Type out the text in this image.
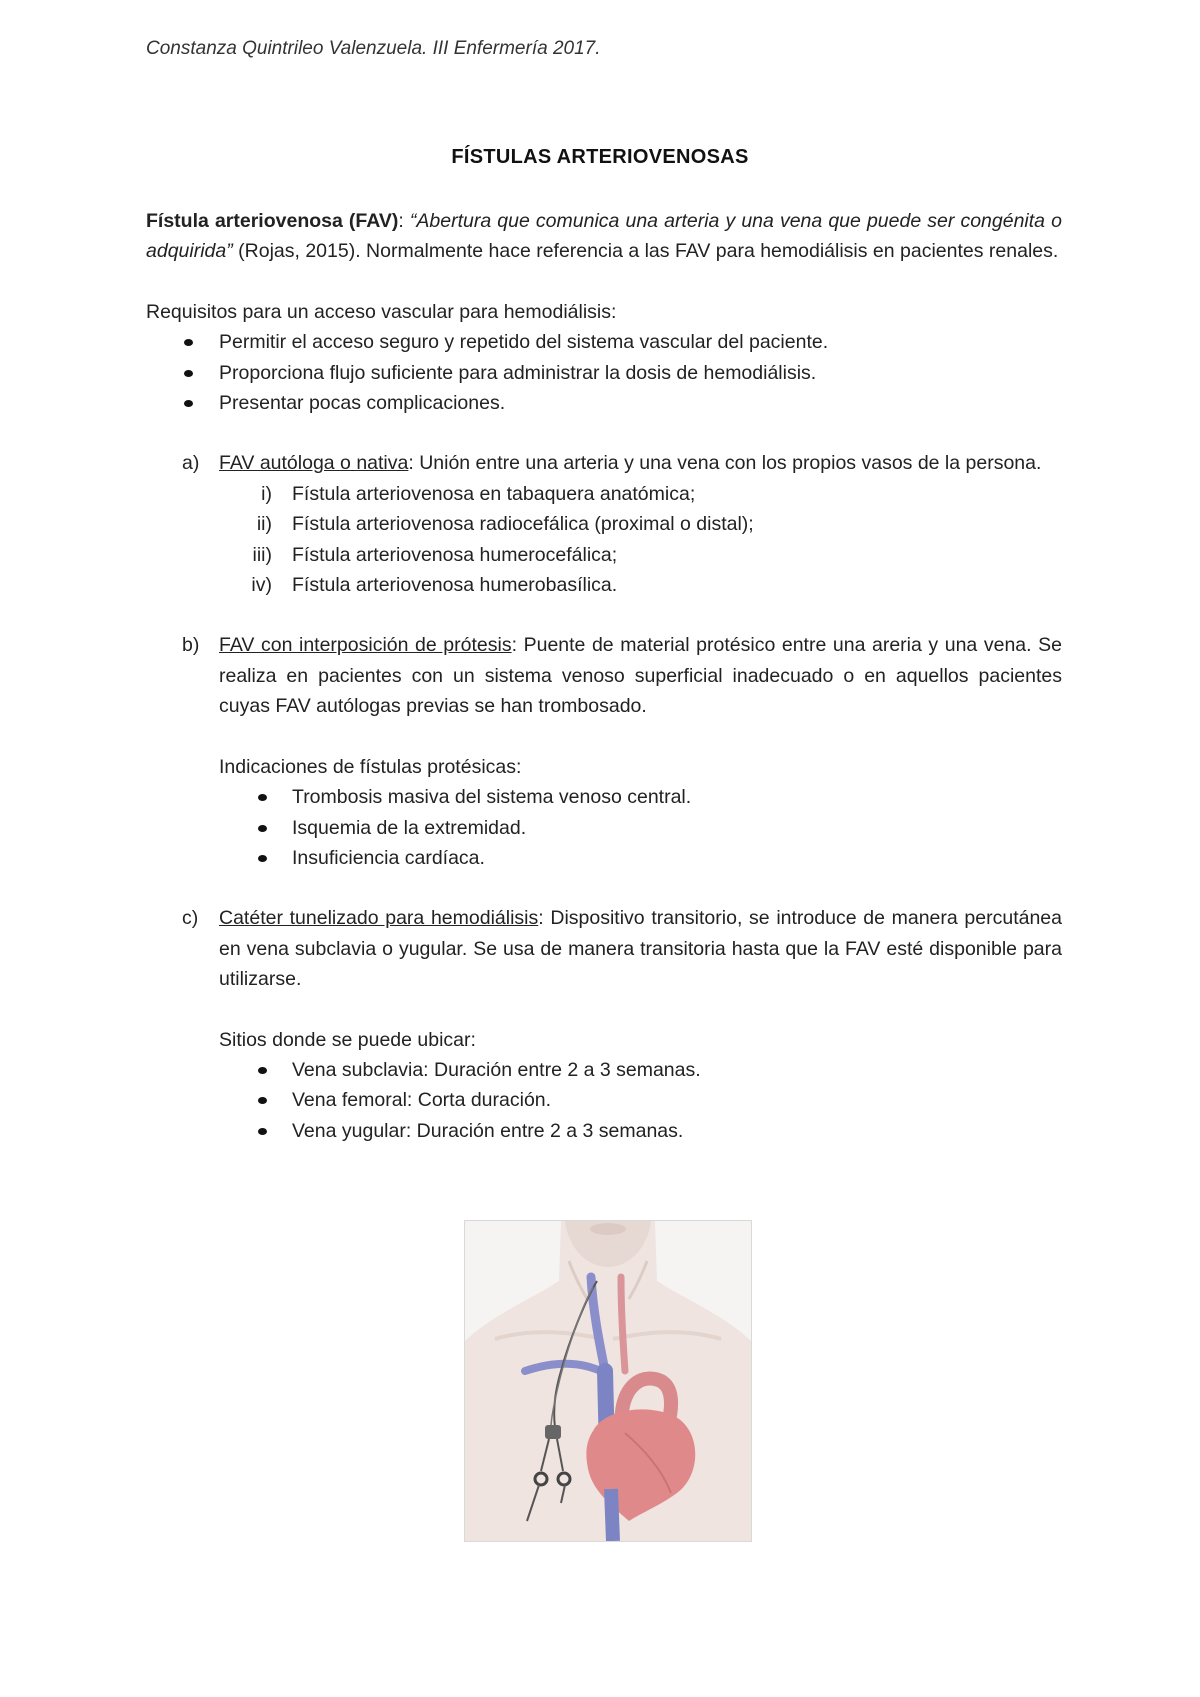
Constanza Quintrileo Valenzuela. III Enfermería 2017.
FÍSTULAS ARTERIOVENOSAS

Fístula arteriovenosa (FAV): “Abertura que comunica una arteria y una vena que puede ser congénita o adquirida” (Rojas, 2015). Normalmente hace referencia a las FAV para hemodiálisis en pacientes renales.

Requisitos para un acceso vascular para hemodiálisis:

Permitir el acceso seguro y repetido del sistema vascular del paciente.
Proporciona flujo suficiente para administrar la dosis de hemodiálisis.
Presentar pocas complicaciones.
a) FAV autóloga o nativa: Unión entre una arteria y una vena con los propios vasos de la persona.
i) Fístula arteriovenosa en tabaquera anatómica;
ii) Fístula arteriovenosa radiocefálica (proximal o distal);
iii) Fístula arteriovenosa humerocefálica;
iv) Fístula arteriovenosa humerobasílica.
b) FAV con interposición de prótesis: Puente de material protésico entre una areria y una vena. Se realiza en pacientes con un sistema venoso superficial inadecuado o en aquellos pacientes cuyas FAV autólogas previas se han trombosado.

Indicaciones de fístulas protésicas:

Trombosis masiva del sistema venoso central.
Isquemia de la extremidad.
Insuficiencia cardíaca.
c) Catéter tunelizado para hemodiálisis: Dispositivo transitorio, se introduce de manera percutánea en vena subclavia o yugular. Se usa de manera transitoria hasta que la FAV esté disponible para utilizarse.

Sitios donde se puede ubicar:

Vena subclavia: Duración entre 2 a 3 semanas.
Vena femoral: Corta duración.
Vena yugular: Duración entre 2 a 3 semanas.
